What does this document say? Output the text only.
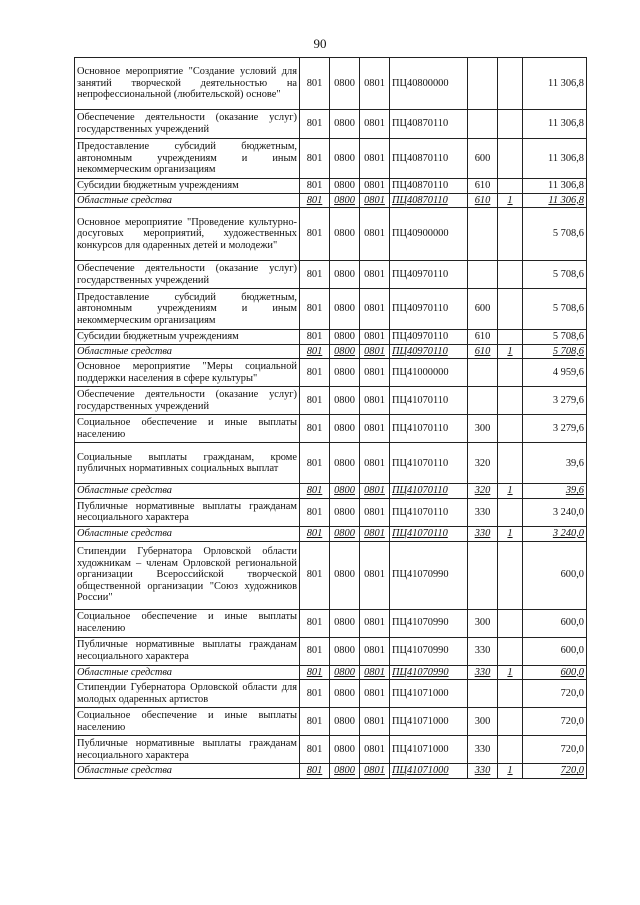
90
Основное мероприятие "Создание условий для занятий творческой деятельностью на непрофессиональной (любительской) основе"	801	0800	0801	ПЦ40800000			11 306,8
Обеспечение деятельности (оказание услуг) государственных учреждений	801	0800	0801	ПЦ40870110			11 306,8
Предоставление субсидий бюджетным, автономным учреждениям и иным некоммерческим организациям	801	0800	0801	ПЦ40870110	600		11 306,8
Субсидии бюджетным учреждениям	801	0800	0801	ПЦ40870110	610		11 306,8
Областные средства	801	0800	0801	ПЦ40870110	610	1	11 306,8
Основное мероприятие "Проведение культурно-досуговых мероприятий, художественных конкурсов для одаренных детей и молодежи"	801	0800	0801	ПЦ40900000			5 708,6
Обеспечение деятельности (оказание услуг) государственных учреждений	801	0800	0801	ПЦ40970110			5 708,6
Предоставление субсидий бюджетным, автономным учреждениям и иным некоммерческим организациям	801	0800	0801	ПЦ40970110	600		5 708,6
Субсидии бюджетным учреждениям	801	0800	0801	ПЦ40970110	610		5 708,6
Областные средства	801	0800	0801	ПЦ40970110	610	1	5 708,6
Основное мероприятие "Меры социальной поддержки населения в сфере культуры"	801	0800	0801	ПЦ41000000			4 959,6
Обеспечение деятельности (оказание услуг) государственных учреждений	801	0800	0801	ПЦ41070110			3 279,6
Социальное обеспечение и иные выплаты населению	801	0800	0801	ПЦ41070110	300		3 279,6
Социальные выплаты гражданам, кроме публичных нормативных социальных выплат	801	0800	0801	ПЦ41070110	320		39,6
Областные средства	801	0800	0801	ПЦ41070110	320	1	39,6
Публичные нормативные выплаты гражданам несоциального характера	801	0800	0801	ПЦ41070110	330		3 240,0
Областные средства	801	0800	0801	ПЦ41070110	330	1	3 240,0
Стипендии Губернатора Орловской области художникам – членам Орловской региональной организации Всероссийской творческой общественной организации "Союз художников России"	801	0800	0801	ПЦ41070990			600,0
Социальное обеспечение и иные выплаты населению	801	0800	0801	ПЦ41070990	300		600,0
Публичные нормативные выплаты гражданам несоциального характера	801	0800	0801	ПЦ41070990	330		600,0
Областные средства	801	0800	0801	ПЦ41070990	330	1	600,0
Стипендии Губернатора Орловской области для молодых одаренных артистов	801	0800	0801	ПЦ41071000			720,0
Социальное обеспечение и иные выплаты населению	801	0800	0801	ПЦ41071000	300		720,0
Публичные нормативные выплаты гражданам несоциального характера	801	0800	0801	ПЦ41071000	330		720,0
Областные средства	801	0800	0801	ПЦ41071000	330	1	720,0
